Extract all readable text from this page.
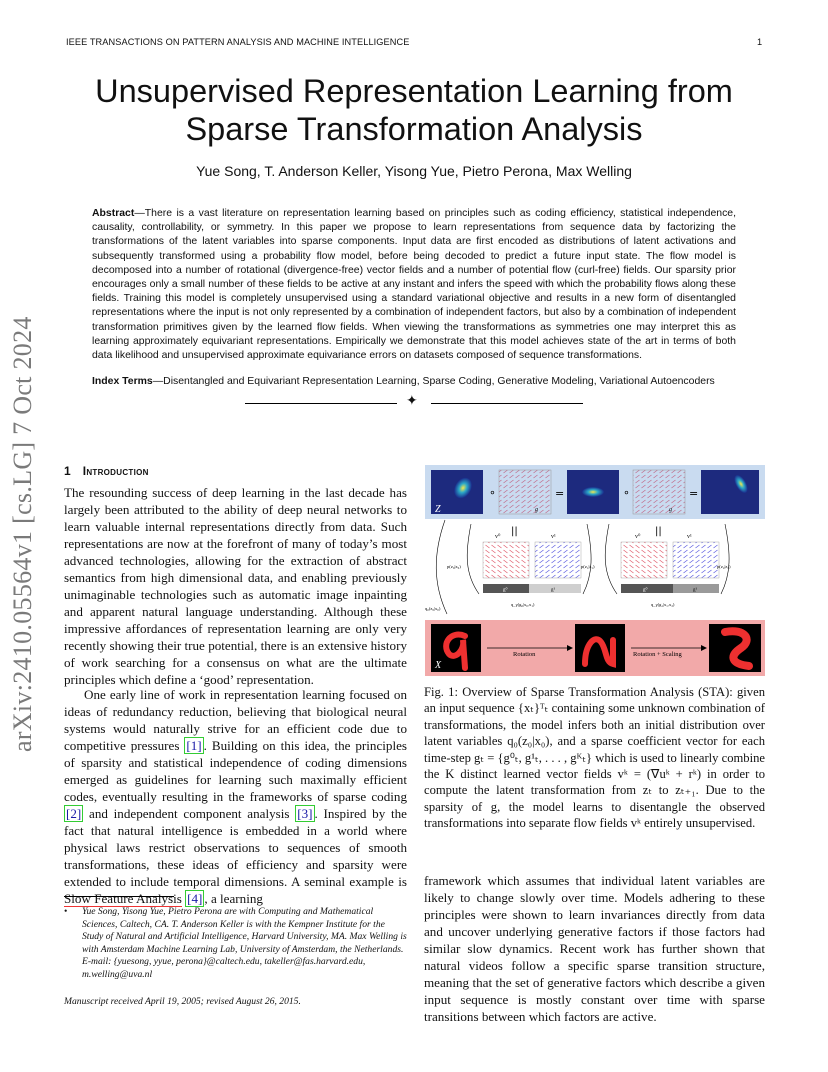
IEEE TRANSACTIONS ON PATTERN ANALYSIS AND MACHINE INTELLIGENCE	1
Unsupervised Representation Learning from Sparse Transformation Analysis
Yue Song, T. Anderson Keller, Yisong Yue, Pietro Perona, Max Welling
Abstract—There is a vast literature on representation learning based on principles such as coding efficiency, statistical independence, causality, controllability, or symmetry. In this paper we propose to learn representations from sequence data by factorizing the transformations of the latent variables into sparse components. Input data are first encoded as distributions of latent activations and subsequently transformed using a probability flow model, before being decoded to predict a future input state. The flow model is decomposed into a number of rotational (divergence-free) vector fields and a number of potential flow (curl-free) fields. Our sparsity prior encourages only a small number of these fields to be active at any instant and infers the speed with which the probability flows along these fields. Training this model is completely unsupervised using a standard variational objective and results in a new form of disentangled representations where the input is not only represented by a combination of independent factors, but also by a combination of independent transformation primitives given by the learned flow fields. When viewing the transformations as symmetries one may interpret this as learning approximately equivariant representations. Empirically we demonstrate that this model achieves state of the art in terms of both data likelihood and unsupervised approximate equivariance errors on datasets composed of sequence transformations.
Index Terms—Disentangled and Equivariant Representation Learning, Sparse Coding, Generative Modeling, Variational Autoencoders
✦
arXiv:2410.05564v1 [cs.LG] 7 Oct 2024 1 Introduction

The resounding success of deep learning in the last decade has largely been attributed to the ability of deep neural networks to learn valuable internal representations directly from data. Such representations are now at the forefront of many of today’s most advanced technologies, allowing for the extraction of abstract semantics from high dimensional data, and enabling previously unimaginable technologies such as automatic image inpainting and apparent natural language understanding. Although these impressive affordances of representation learning are only very recently showing their true potential, there is an extensive history of work searching for a consensus on what are the ultimate principles which define a ‘good’ representation.

One early line of work in representation learning focused on ideas of redundancy reduction, believing that biological neural systems would naturally strive for an efficient code due to competitive pressures [1] . Building on this idea, the principles of sparsity and statistical independence of coding dimensions emerged as guidelines for learning such maximally efficient codes, eventually resulting in the frameworks of sparse coding [2] and independent component analysis [3] . Inspired by the fact that natural intelligence is embedded in a world where physical laws restrict observations to sequences of smooth transformations, these ideas of efficiency and sparsity were extended to include temporal dimensions. A seminal example is Slow Feature Analysis [4] , a learning

• Yue Song, Yisong Yue, Pietro Perona are with Computing and Mathematical Sciences, Caltech, CA. T. Anderson Keller is with the Kempner Institute for the Study of Natural and Artificial Intelligence, Harvard University, MA. Max Welling is with Amsterdam Machine Learning Lab, University of Amsterdam, the Netherlands.
E-mail: {yuesong, yyue, perona}@caltech.edu, takeller@fas.harvard.edu, m.welling@uva.nl
Manuscript received April 19, 2005; revised August 26, 2015.
Z
∘
g
=	∘
g
=
||	||
v⁰	v¹	v⁰	v¹
p(z₀|x₀)	p(z₁|z₁)	p(z₂|z₂)
q₀(z₀|x₀)
g⁰	g¹	g⁰	g¹
q_γ(g₀|x₀,x₁)	q_γ(g₁|x₁,x₂)
X
Rotation	Rotation + Scaling
Fig. 1: Overview of Sparse Transformation Analysis (STA): given an input sequence {xₜ}ᵀₜ containing some unknown combination of transformations, the model infers both an initial distribution over latent variables q₀(z₀|x₀), and a sparse coefficient vector for each time-step gₜ = {g⁰ₜ, g¹ₜ, . . . , gᴷₜ} which is used to linearly combine the K distinct learned vector fields vᵏ = (∇uᵏ + rᵏ) in order to compute the latent transformation from zₜ to zₜ₊₁. Due to the sparsity of g, the model learns to disentangle the observed transformations into separate flow fields vᵏ entirely unsupervised.

framework which assumes that individual latent variables are likely to change slowly over time. Models adhering to these principles were shown to learn invariances directly from data and uncover underlying generative factors if those factors had similar slow dynamics. Recent work has further shown that natural videos follow a specific sparse transition structure, meaning that the set of generative factors which describe a given input sequence is mostly constant over time with sparse transitions between which factors are active.
